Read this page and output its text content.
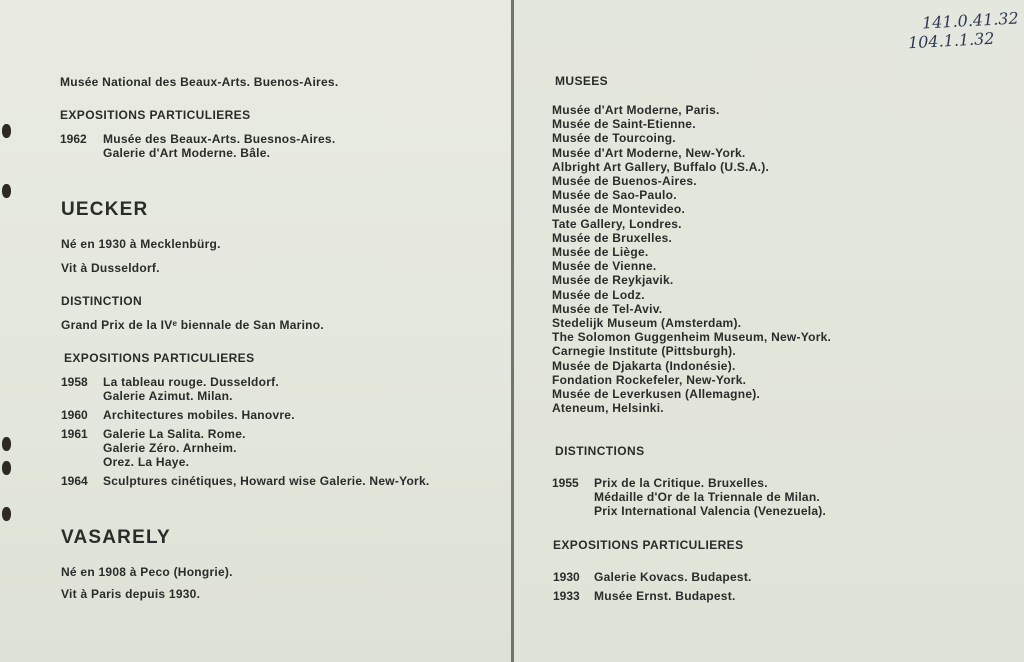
141.0.41.32
104.1.1.32
Musée National des Beaux-Arts. Buenos-Aires.
EXPOSITIONS PARTICULIERES
1962 Musée des Beaux-Arts. Buesnos-Aires.
Galerie d'Art Moderne. Bâle.
UECKER
Né en 1930 à Mecklenbürg.
Vit à Dusseldorf.
DISTINCTION
Grand Prix de la IVᵉ biennale de San Marino.
EXPOSITIONS PARTICULIERES
1958 La tableau rouge. Dusseldorf.
Galerie Azimut. Milan.
1960 Architectures mobiles. Hanovre.
1961 Galerie La Salita. Rome.
Galerie Zéro. Arnheim.
Orez. La Haye.
1964 Sculptures cinétiques, Howard wise Galerie. New-York.
VASARELY
Né en 1908 à Peco (Hongrie).
Vit à Paris depuis 1930.
MUSEES
Musée d'Art Moderne, Paris.
Musée de Saint-Etienne.
Musée de Tourcoing.
Musée d'Art Moderne, New-York.
Albright Art Gallery, Buffalo (U.S.A.).
Musée de Buenos-Aires.
Musée de Sao-Paulo.
Musée de Montevideo.
Tate Gallery, Londres.
Musée de Bruxelles.
Musée de Liège.
Musée de Vienne.
Musée de Reykjavik.
Musée de Lodz.
Musée de Tel-Aviv.
Stedelijk Museum (Amsterdam).
The Solomon Guggenheim Museum, New-York.
Carnegie Institute (Pittsburgh).
Musée de Djakarta (Indonésie).
Fondation Rockefeler, New-York.
Musée de Leverkusen (Allemagne).
Ateneum, Helsinki.
DISTINCTIONS
1955 Prix de la Critique. Bruxelles.
Médaille d'Or de la Triennale de Milan.
Prix International Valencia (Venezuela).
EXPOSITIONS PARTICULIERES
1930 Galerie Kovacs. Budapest.
1933 Musée Ernst. Budapest.
